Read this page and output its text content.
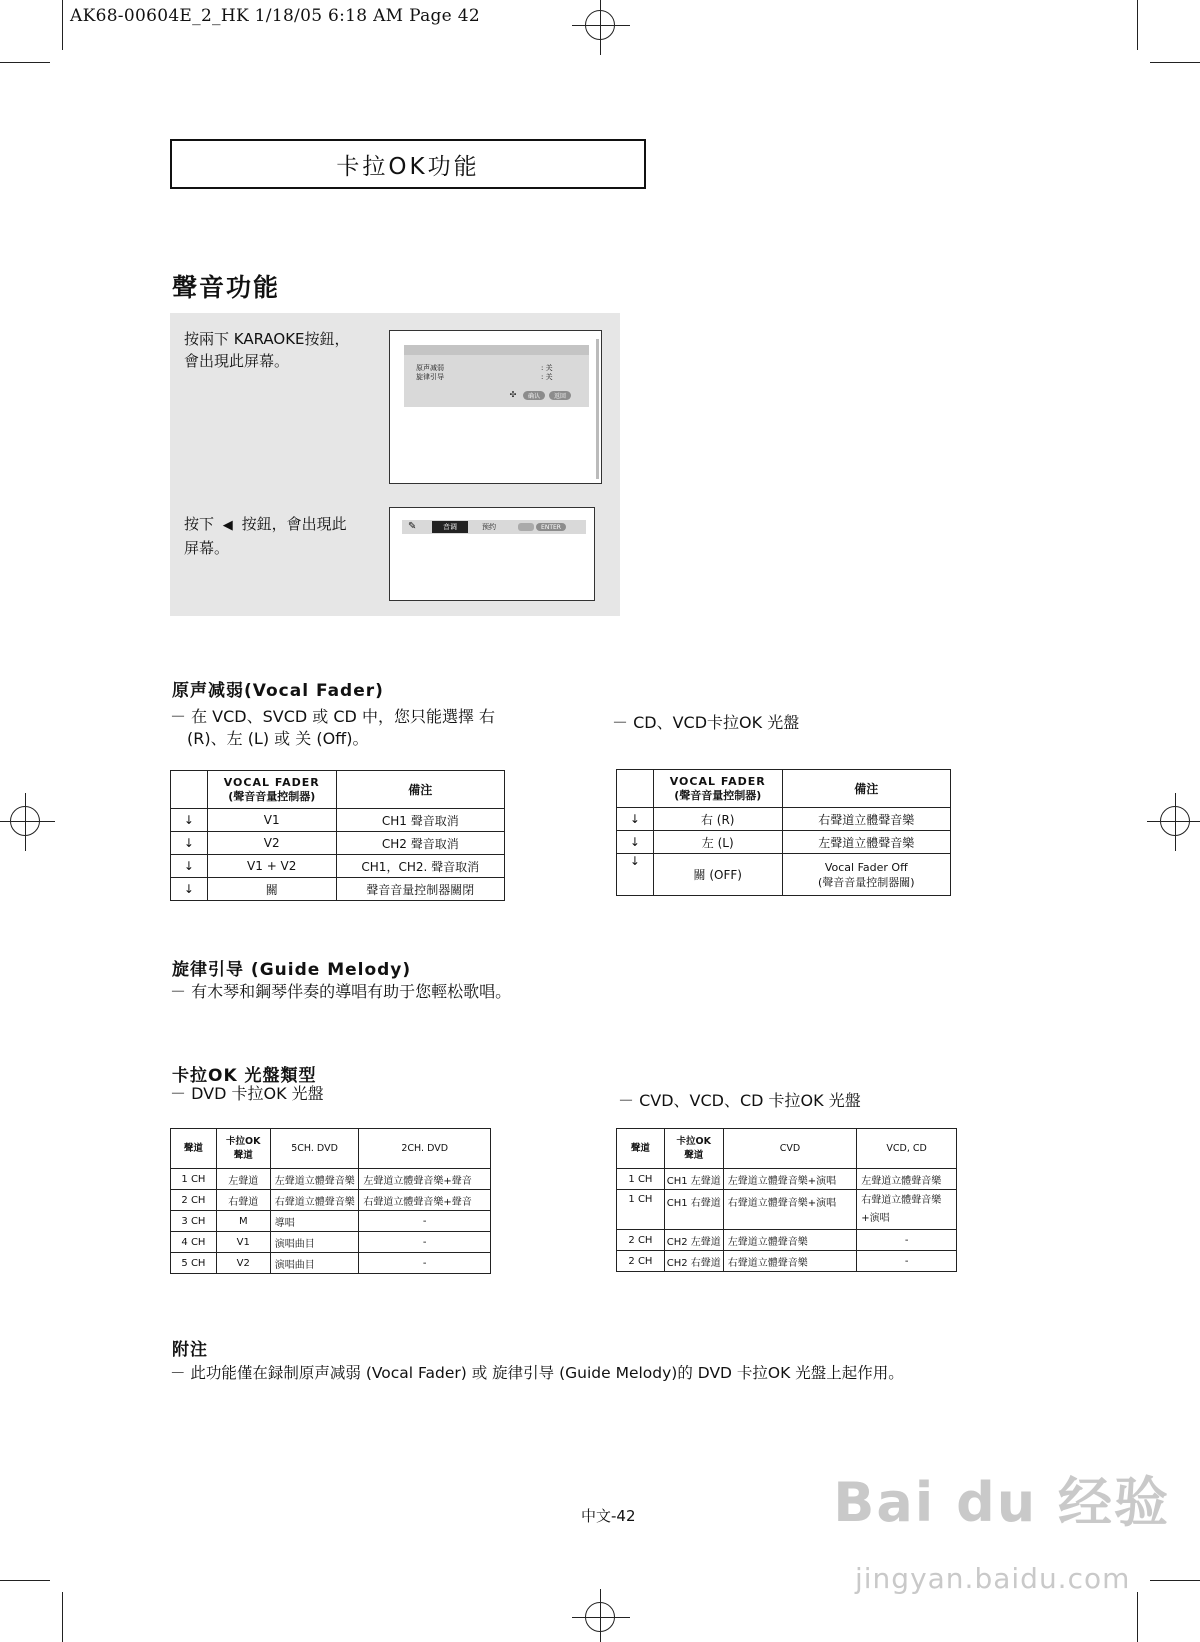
AK68-00604E_2_HK 1/18/05 6:18 AM Page 42
卡拉OK功能
聲音功能
按兩下 KARAOKE按鈕，
會出現此屏幕。	原声减弱	: 关
旋律引导	: 关
✣	确认	返回
按下 ◀ 按鈕，會出現此
屏幕。
✎	音调	预约	ENTER
原声减弱(Vocal Fader)
－ 在 VCD、SVCD 或 CD 中，您只能選擇 右
(R)、左 (L) 或 关 (Off)。
－ CD、VCD卡拉OK 光盤

	VOCAL FADER
(聲音音量控制器)	備注
↓	V1	CH1 聲音取消
↓	V2	CH2 聲音取消
↓	V1 + V2	CH1，CH2. 聲音取消
↓	關	聲音音量控制器關閉

	VOCAL FADER
(聲音音量控制器)	備注
↓	右 (R)	右聲道立體聲音樂
↓	左 (L)	左聲道立體聲音樂
↓	關 (OFF)	Vocal Fader Off
(聲音音量控制器關)
旋律引导 (Guide Melody)
－ 有木琴和鋼琴伴奏的導唱有助于您輕松歌唱。
卡拉OK 光盤類型
－ DVD 卡拉OK 光盤	－ CVD、VCD、CD 卡拉OK 光盤
聲道	卡拉OK
聲道	5CH. DVD	2CH. DVD
1 CH	左聲道	左聲道立體聲音樂	左聲道立體聲音樂+聲音
2 CH	右聲道	右聲道立體聲音樂	右聲道立體聲音樂+聲音
3 CH	M	導唱	-
4 CH	V1	演唱曲目	-
5 CH	V2	演唱曲目	-
聲道	卡拉OK
聲道	CVD	VCD, CD
1 CH	CH1 左聲道	左聲道立體聲音樂+演唱	左聲道立體聲音樂
1 CH	CH1 右聲道	右聲道立體聲音樂+演唱	右聲道立體聲音樂
+演唱

2 CH	CH2 左聲道	左聲道立體聲音樂	-
2 CH	CH2 右聲道	右聲道立體聲音樂	-
附注
－ 此功能僅在録制原声减弱 (Vocal Fader) 或 旋律引导 (Guide Melody)的 DVD 卡拉OK 光盤上起作用。
中文-42	Bai du 经验
jingyan.baidu.com
